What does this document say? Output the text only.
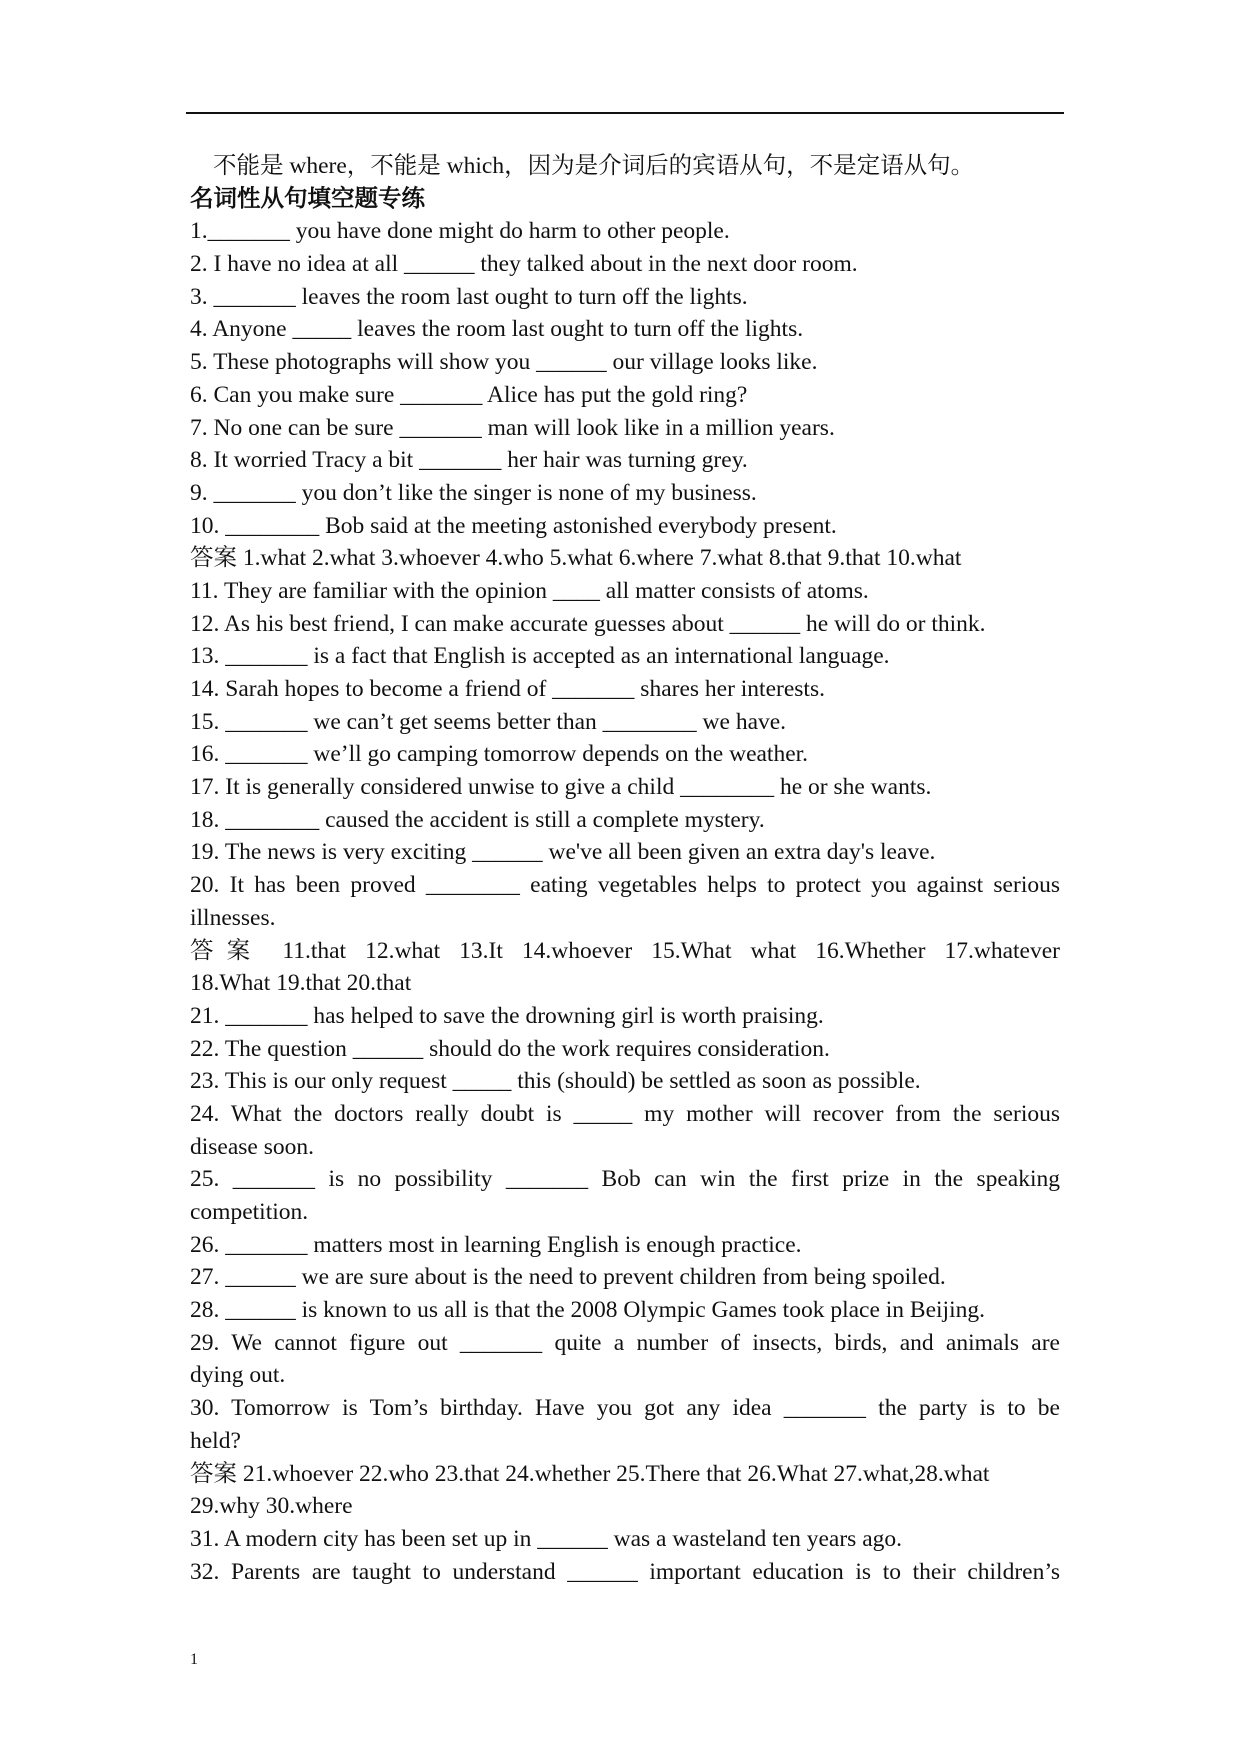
不能是 where，不能是 which，因为是介词后的宾语从句，不是定语从句。
名词性从句填空题专练
1._______ you have done might do harm to other people.
2. I have no idea at all ______ they talked about in the next door room.
3. _______ leaves the room last ought to turn off the lights.
4. Anyone _____ leaves the room last ought to turn off the lights.
5. These photographs will show you ______ our village looks like.
6. Can you make sure _______ Alice has put the gold ring?
7. No one can be sure _______ man will look like in a million years.
8. It worried Tracy a bit _______ her hair was turning grey.
9. _______ you don’t like the singer is none of my business.
10. ________ Bob said at the meeting astonished everybody present.
答案 1.what 2.what 3.whoever 4.who 5.what 6.where 7.what 8.that 9.that 10.what
11. They are familiar with the opinion ____ all matter consists of atoms.
12. As his best friend, I can make accurate guesses about ______ he will do or think.
13. _______ is a fact that English is accepted as an international language.
14. Sarah hopes to become a friend of _______ shares her interests.
15. _______ we can’t get seems better than ________ we have.
16. _______ we’ll go camping tomorrow depends on the weather.
17. It is generally considered unwise to give a child ________ he or she wants.
18. ________ caused the accident is still a complete mystery.
19. The news is very exciting ______ we've all been given an extra day's leave.
20. It has been proved ________ eating vegetables helps to protect you against serious
illnesses.
答案 11.that 12.what 13.It 14.whoever 15.What what 16.Whether 17.whatever
18.What 19.that 20.that
21. _______ has helped to save the drowning girl is worth praising.
22. The question ______ should do the work requires consideration.
23. This is our only request _____ this (should) be settled as soon as possible.
24. What the doctors really doubt is _____ my mother will recover from the serious
disease soon.
25. _______ is no possibility _______ Bob can win the first prize in the speaking
competition.
26. _______ matters most in learning English is enough practice.
27. ______ we are sure about is the need to prevent children from being spoiled.
28. ______ is known to us all is that the 2008 Olympic Games took place in Beijing.
29. We cannot figure out _______ quite a number of insects, birds, and animals are
dying out.
30. Tomorrow is Tom’s birthday. Have you got any idea _______ the party is to be
held?
答案 21.whoever 22.who 23.that 24.whether 25.There that 26.What 27.what,28.what
29.why 30.where
31. A modern city has been set up in ______ was a wasteland ten years ago.
32. Parents are taught to understand ______ important education is to their children’s
1
